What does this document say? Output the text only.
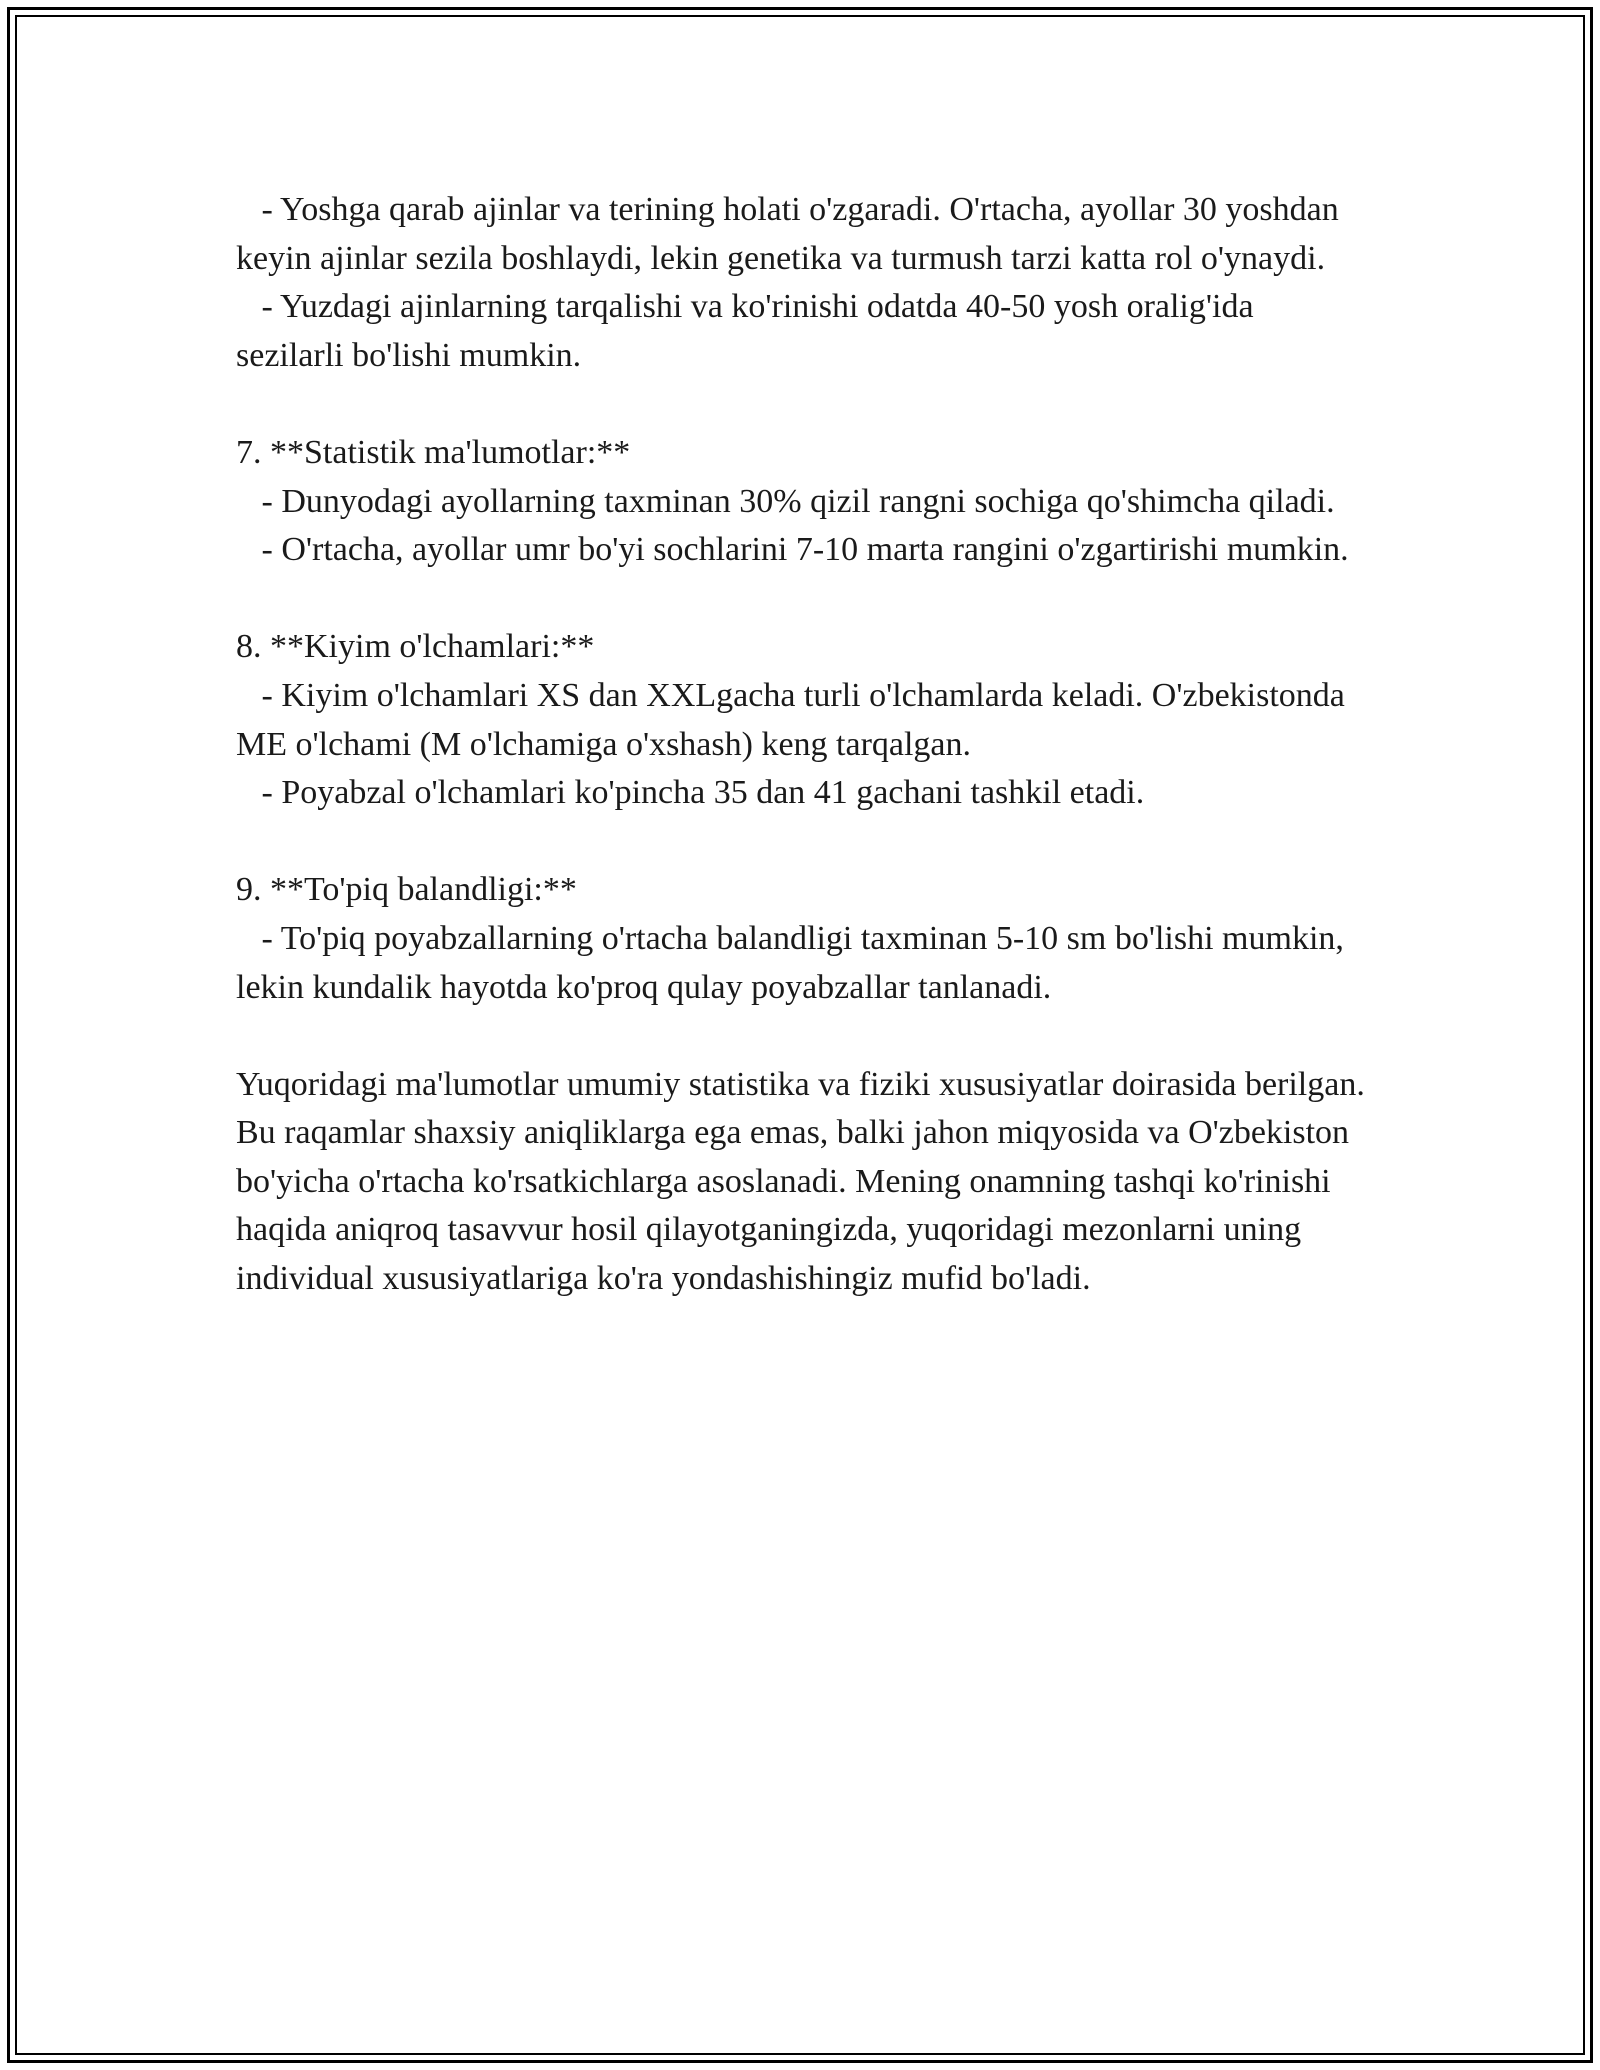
- Yoshga qarab ajinlar va terining holati o'zgaradi. O'rtacha, ayollar 30 yoshdan keyin ajinlar sezila boshlaydi, lekin genetika va turmush tarzi katta rol o'ynaydi.

- Yuzdagi ajinlarning tarqalishi va ko'rinishi odatda 40-50 yosh oralig'ida sezilarli bo'lishi mumkin.

7. **Statistik ma'lumotlar:**

- Dunyodagi ayollarning taxminan 30% qizil rangni sochiga qo'shimcha qiladi.

- O'rtacha, ayollar umr bo'yi sochlarini 7-10 marta rangini o'zgartirishi mumkin.

8. **Kiyim o'lchamlari:**

- Kiyim o'lchamlari XS dan XXLgacha turli o'lchamlarda keladi. O'zbekistonda ME o'lchami (M o'lchamiga o'xshash) keng tarqalgan.

- Poyabzal o'lchamlari ko'pincha 35 dan 41 gachani tashkil etadi.

9. **To'piq balandligi:**

- To'piq poyabzallarning o'rtacha balandligi taxminan 5-10 sm bo'lishi mumkin, lekin kundalik hayotda ko'proq qulay poyabzallar tanlanadi.

Yuqoridagi ma'lumotlar umumiy statistika va fiziki xususiyatlar doirasida berilgan. Bu raqamlar shaxsiy aniqliklarga ega emas, balki jahon miqyosida va O'zbekiston bo'yicha o'rtacha ko'rsatkichlarga asoslanadi. Mening onamning tashqi ko'rinishi haqida aniqroq tasavvur hosil qilayotganingizda, yuqoridagi mezonlarni uning individual xususiyatlariga ko'ra yondashishingiz mufid bo'ladi.
